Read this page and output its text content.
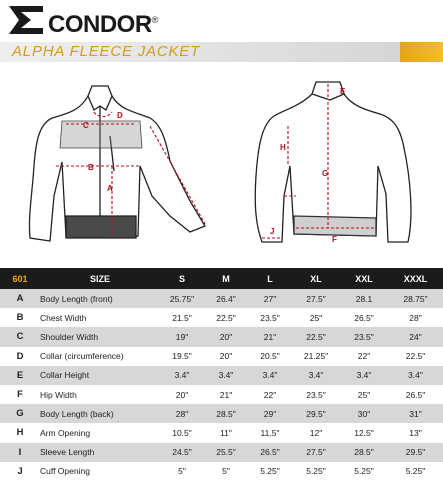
CONDOR®
ALPHA FLEECE JACKET
A
B
C
D
E
F
G
H
J
601	SIZE	S	M	L	XL	XXL	XXXL
A	Body Length (front)	25.75"	26.4"	27"	27.5"	28.1	28.75"
B	Chest Width	21.5"	22.5"	23.5"	25"	26.5"	28"
C	Shoulder Width	19"	20"	21"	22.5"	23.5"	24"
D	Collar (circumference)	19.5"	20"	20.5"	21.25"	22"	22.5"
E	Collar Height	3.4"	3.4"	3.4"	3.4"	3.4"	3.4"
F	Hip Width	20"	21"	22"	23.5"	25"	26.5"
G	Body Length (back)	28"	28.5"	29"	29.5"	30"	31"
H	Arm Opening	10.5"	11"	11.5"	12"	12.5"	13"
I	Sleeve Length	24.5"	25.5"	26.5"	27.5"	28.5"	29.5"
J	Cuff Opening	5"	5"	5.25"	5.25"	5.25"	5.25"
